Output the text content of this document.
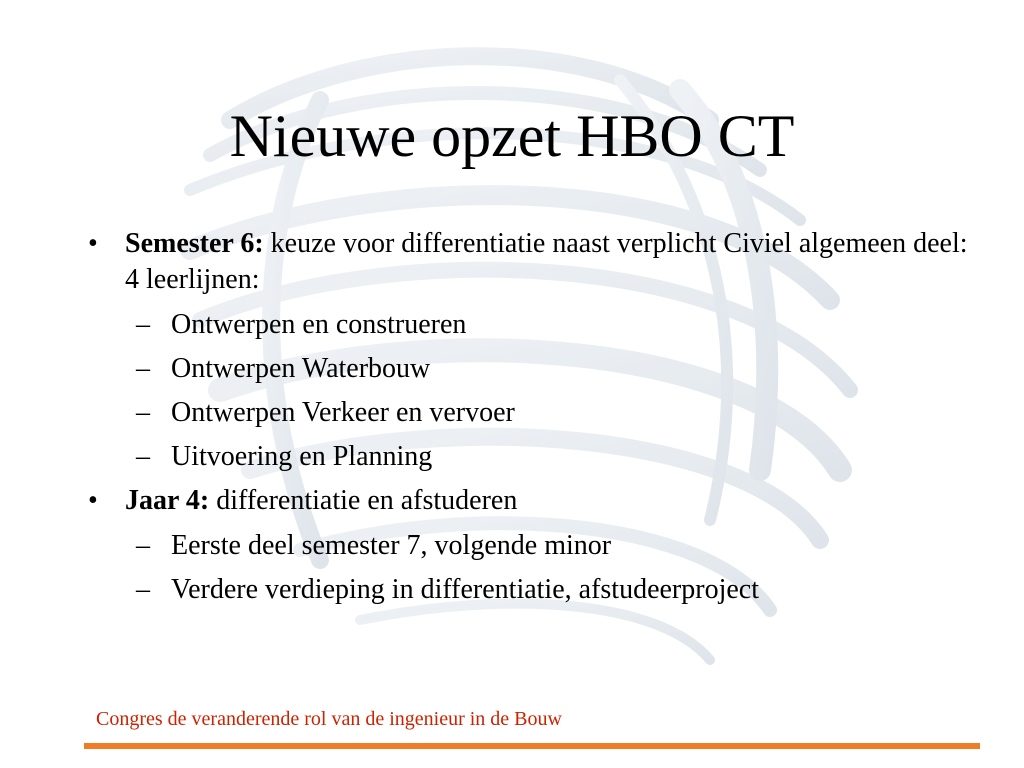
Nieuwe opzet HBO CT
• Semester 6: keuze voor differentiatie naast verplicht Civiel algemeen deel: 4 leerlijnen:
– Ontwerpen en construeren
– Ontwerpen Waterbouw
– Ontwerpen Verkeer en vervoer
– Uitvoering en Planning
• Jaar 4: differentiatie en afstuderen
– Eerste deel semester 7, volgende minor
– Verdere verdieping in differentiatie, afstudeerproject
Congres de veranderende rol van de ingenieur in de Bouw
